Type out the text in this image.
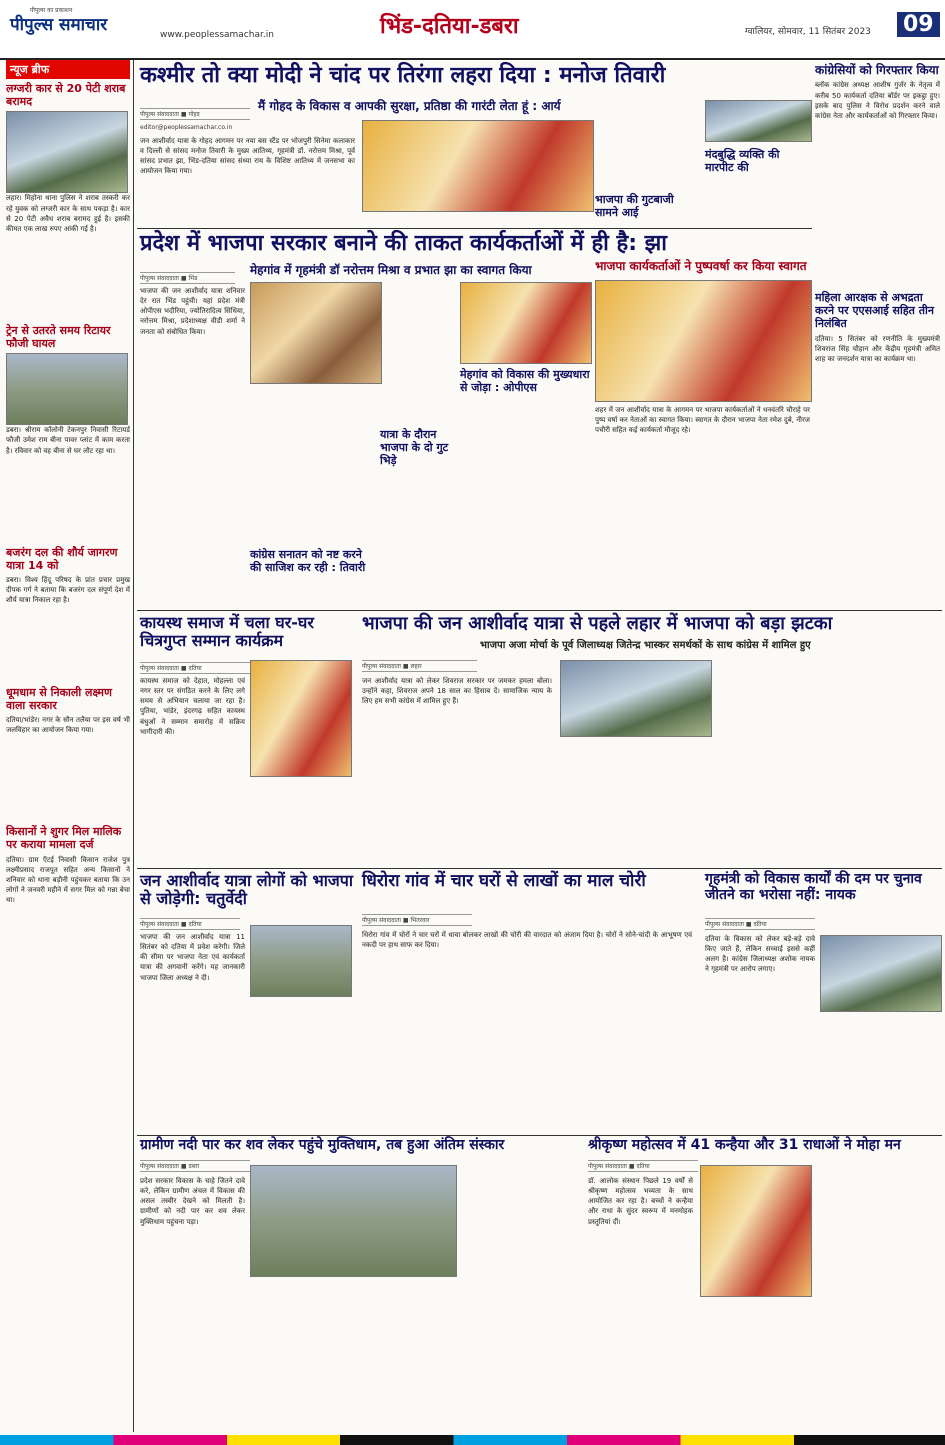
पीपुल्स का प्रकाशन
पीपुल्स समाचार	www.peoplessamachar.in	भिंड-दतिया-डबरा	ग्वालियर, सोमवार, 11 सितंबर 2023 09
न्यूज ब्रीफ
लग्जरी कार से 20 पेटी शराब बरामद
लहार। मिहोना थाना पुलिस ने शराब तस्करी कर रहे युवक को लग्जरी कार के साथ पकड़ा है। कार से 20 पेटी अवैध शराब बरामद हुई है। इसकी कीमत एक लाख रुपए आंकी गई है।
ट्रेन से उतरते समय रिटायर फौजी घायल
डबरा। श्रीराम कॉलोनी टेकनपुर निवासी रिटायर्ड फौजी उमेश राम बीना पावर प्लांट में काम करता है। रविवार को वह बीना से घर लौट रहा था।
बजरंग दल की शौर्य जागरण यात्रा 14 को
डबरा। विश्व हिंदू परिषद के प्रांत प्रचार प्रमुख दीपक गर्ग ने बताया कि बजरंग दल संपूर्ण देश में शौर्य यात्रा निकाल रहा है।
धूमधाम से निकाली लक्ष्मण वाला सरकार
दतिया/भांडेर। नगर के सौन तलैया पर इस वर्ष भी जलविहार का आयोजन किया गया।
किसानों ने शुगर मिल मालिक पर कराया मामला दर्ज
दतिया। ग्राम ऍटई निवासी किसान राजेश पुत्र लक्ष्मीप्रसाद राजपूत सहित अन्य किसानों ने शनिवार को थाना बड़ौनी पहुंचकर बताया कि उन लोगों ने जनवरी महीने में सगर मिल को गन्ना बेचा था।
कांग्रेसियों को गिरफ्तार किया
ब्लॉक कांग्रेस अध्यक्ष आशीष गुर्जर के नेतृत्व में करीब 50 कार्यकर्ता दतिया बॉर्डर पर इकट्ठा हुए। इसके बाद पुलिस ने विरोध प्रदर्शन करने वाले कांग्रेस नेता और कार्यकर्ताओं को गिरफ्तार किया।
महिला आरक्षक से अभद्रता करने पर एएसआई सहित तीन निलंबित
दतिया। 5 सितंबर को रणनीति के मुख्यमंत्री शिवराज सिंह चौहान और केंद्रीय गृहमंत्री अमित शाह का जनदर्शन यात्रा का कार्यक्रम था।
कश्मीर तो क्या मोदी ने चांद पर तिरंगा लहरा दिया : मनोज तिवारी
पीपुल्स संवाददाता ■ गोहद
editor@peoplessamachar.co.in
मैं गोहद के विकास व आपकी सुरक्षा, प्रतिष्ठा की गारंटी लेता हूं : आर्य
जन आशीर्वाद यात्रा के गोहद आगमन पर नया बस स्टैंड पर भोजपुरी सिनेमा कलाकार व दिल्ली से सांसद मनोज तिवारी के मुख्य आतिथ्य, गृहमंत्री डॉ. नरोत्तम मिश्रा, पूर्व सांसद प्रभात झा, भिंड-दतिया सांसद संध्या राय के विशिष्ट आतिथ्य में जनसभा का आयोजन किया गया।
मंदबुद्धि व्यक्ति की मारपीट की
भाजपा की गुटबाजी सामने आई
प्रदेश में भाजपा सरकार बनाने की ताकत कार्यकर्ताओं में ही है: झा
पीपुल्स संवाददाता ■ भिंड
मेहगांव में गृहमंत्री डॉ नरोत्तम मिश्रा व प्रभात झा का स्वागत किया
भाजपा की जन आशीर्वाद यात्रा शनिवार देर रात भिंड पहुंची। यहां प्रदेश मंत्री ओपीएस भदौरिया, ज्योतिरादित्य सिंधिया, नरोत्तम मिश्रा, प्रदेशाध्यक्ष वीडी शर्मा ने जनता को संबोधित किया।
यात्रा के दौरान भाजपा के दो गुट भिड़े
कांग्रेस सनातन को नष्ट करने की साजिश कर रही : तिवारी
मेहगांव को विकास की मुख्यधारा से जोड़ा : ओपीएस
भाजपा कार्यकर्ताओं ने पुष्पवर्षा कर किया स्वागत
शहर में जन आशीर्वाद यात्रा के आगमन पर भाजपा कार्यकर्ताओं ने धनवंतरि चौराहे पर पुष्प वर्षा कर नेताओं का स्वागत किया। स्वागत के दौरान भाजपा नेता रमेश दुबे, नीरज पचौरी सहित कई कार्यकर्ता मौजूद रहे।
कायस्थ समाज में चला घर-घर चित्रगुप्त सम्मान कार्यक्रम
पीपुल्स संवाददाता ■ दतिया
कायस्थ समाज को देहात, मोहल्ला एवं नगर स्तर पर संगठित करने के लिए लगे समय से अभियान चलाया जा रहा है। पुतिया, भांडेर, इंदरगढ़ सहित कायस्थ बंधुओं ने सम्मान समारोह में सक्रिय भागीदारी की।
भाजपा की जन आशीर्वाद यात्रा से पहले लहार में भाजपा को बड़ा झटका
पीपुल्स संवाददाता ■ लहार
भाजपा अजा मोर्चा के पूर्व जिलाध्यक्ष जितेन्द्र भास्कर समर्थकों के साथ कांग्रेस में शामिल हुए
जन आशीर्वाद यात्रा को लेकर शिवराज सरकार पर जमकर हमला बोला। उन्होंने कहा, शिवराज अपने 18 साल का हिसाब दें। सामाजिक न्याय के लिए हम सभी कांग्रेस में शामिल हुए हैं।
जन आशीर्वाद यात्रा लोगों को भाजपा से जोड़ेगी: चतुर्वेदी
पीपुल्स संवाददाता ■ दतिया
भाजपा की जन आशीर्वाद यात्रा 11 सितंबर को दतिया में प्रवेश करेगी। जिले की सीमा पर भाजपा नेता एवं कार्यकर्ता यात्रा की अगवानी करेंगे। यह जानकारी भाजपा जिला अध्यक्ष ने दी।
धिरोरा गांव में चार घरों से लाखों का माल चोरी
पीपुल्स संवाददाता ■ भितरवार
धिरोरा गांव में चोरों ने चार घरों में धावा बोलकर लाखों की चोरी की वारदात को अंजाम दिया है। चोरों ने सोने-चांदी के आभूषण एवं नकदी पर हाथ साफ कर दिया।
गृहमंत्री को विकास कार्यों की दम पर चुनाव जीतने का भरोसा नहीं: नायक
पीपुल्स संवाददाता ■ दतिया
दतिया के विकास को लेकर बड़े-बड़े दावे किए जाते हैं, लेकिन सच्चाई इससे कहीं अलग है। कांग्रेस जिलाध्यक्ष अशोक नायक ने गृहमंत्री पर आरोप लगाए।
ग्रामीण नदी पार कर शव लेकर पहुंचे मुक्तिधाम, तब हुआ अंतिम संस्कार
पीपुल्स संवाददाता ■ डबरा
प्रदेश सरकार विकास के चाहे जितने दावे करे, लेकिन ग्रामीण अंचल में विकास की असल तस्वीर देखने को मिलती है। ग्रामीणों को नदी पार कर शव लेकर मुक्तिधाम पहुंचना पड़ा।
श्रीकृष्ण महोत्सव में 41 कन्हैया और 31 राधाओं ने मोहा मन
पीपुल्स संवाददाता ■ दतिया
डॉ. आलोक संस्थान पिछले 19 वर्षों से श्रीकृष्ण महोत्सव भव्यता के साथ आयोजित कर रहा है। बच्चों ने कन्हैया और राधा के सुंदर स्वरूप में मनमोहक प्रस्तुतियां दीं।
